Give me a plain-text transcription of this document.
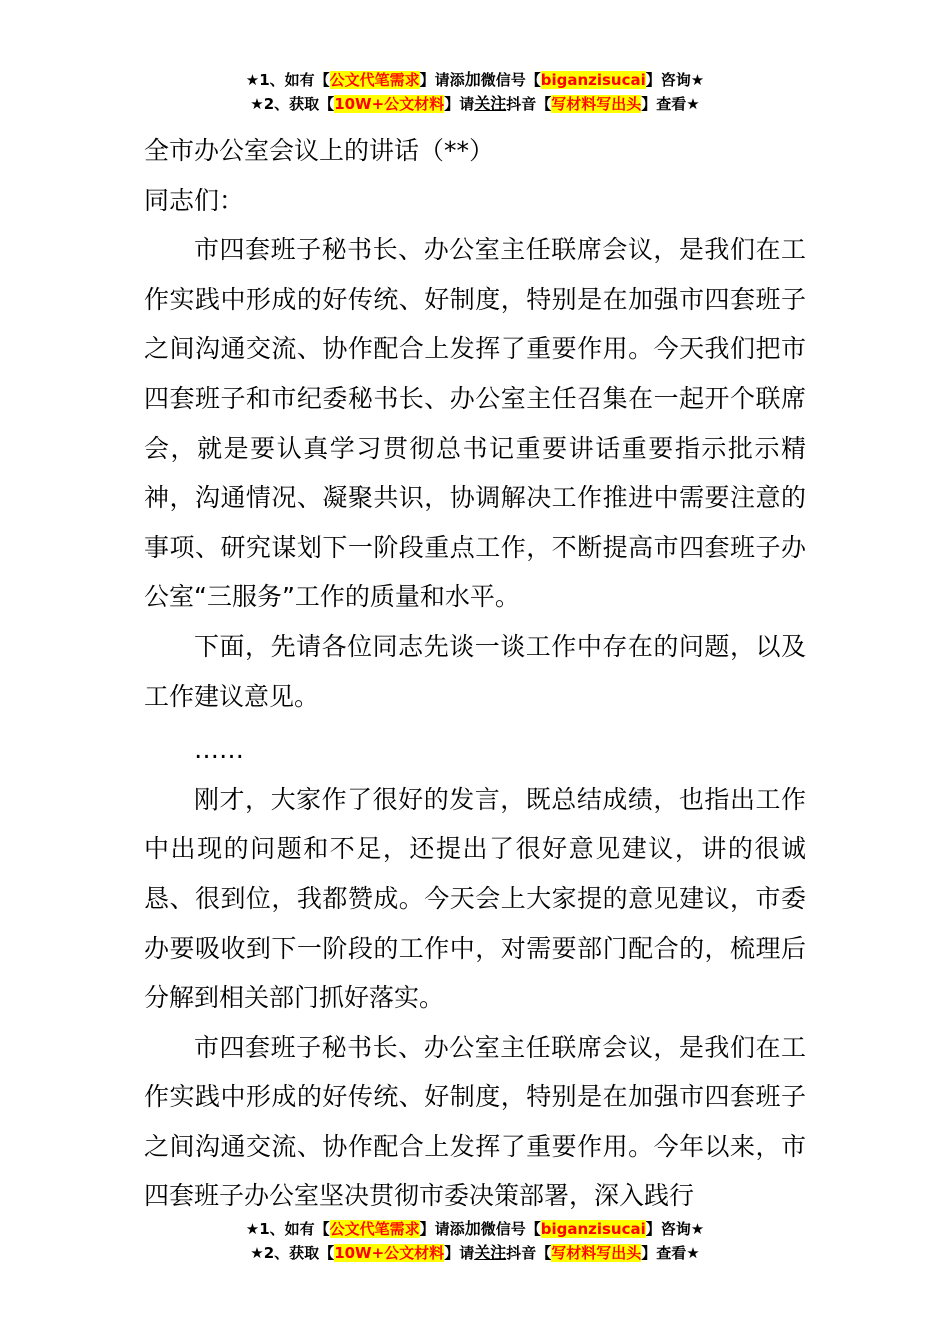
★1、如有【公文代笔需求】请添加微信号【biganzisucai】咨询★
★2、获取【10W+公文材料】请关注抖音【写材料写出头】查看★

全市办公室会议上的讲话（**）

同志们：

市四套班子秘书长、办公室主任联席会议，是我们在工作实践中形成的好传统、好制度，特别是在加强市四套班子之间沟通交流、协作配合上发挥了重要作用。今天我们把市四套班子和市纪委秘书长、办公室主任召集在一起开个联席会，就是要认真学习贯彻总书记重要讲话重要指示批示精神，沟通情况、凝聚共识，协调解决工作推进中需要注意的事项、研究谋划下一阶段重点工作，不断提高市四套班子办公室“三服务”工作的质量和水平。

下面，先请各位同志先谈一谈工作中存在的问题，以及工作建议意见。

……

刚才，大家作了很好的发言，既总结成绩，也指出工作中出现的问题和不足，还提出了很好意见建议，讲的很诚恳、很到位，我都赞成。今天会上大家提的意见建议，市委办要吸收到下一阶段的工作中，对需要部门配合的，梳理后分解到相关部门抓好落实。

市四套班子秘书长、办公室主任联席会议，是我们在工作实践中形成的好传统、好制度，特别是在加强市四套班子之间沟通交流、协作配合上发挥了重要作用。今年以来，市四套班子办公室坚决贯彻市委决策部署，深入践行

★1、如有【公文代笔需求】请添加微信号【biganzisucai】咨询★
★2、获取【10W+公文材料】请关注抖音【写材料写出头】查看★
